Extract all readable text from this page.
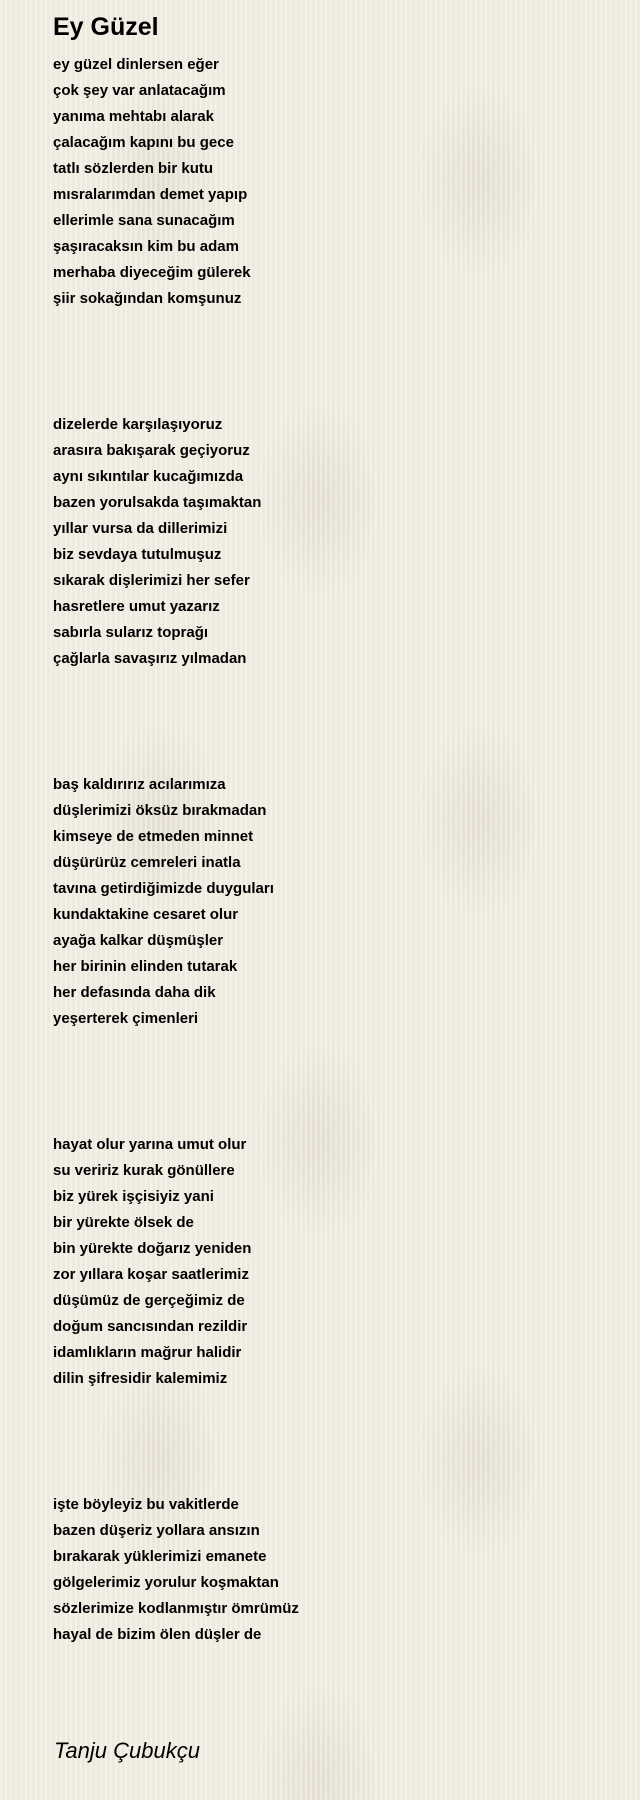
Ey Güzel
ey güzel dinlersen eğer
çok şey var anlatacağım
yanıma mehtabı alarak
çalacağım kapını bu gece
tatlı sözlerden bir kutu
mısralarımdan demet yapıp
ellerimle sana sunacağım
şaşıracaksın kim bu adam
merhaba diyeceğim gülerek
şiir sokağından komşunuz
dizelerde karşılaşıyoruz
arasıra bakışarak geçiyoruz
aynı sıkıntılar kucağımızda
bazen yorulsakda taşımaktan
yıllar vursa da dillerimizi
biz sevdaya tutulmuşuz
sıkarak dişlerimizi her sefer
hasretlere umut yazarız
sabırla sularız toprağı
çağlarla savaşırız yılmadan
baş kaldırırız acılarımıza
düşlerimizi öksüz bırakmadan
kimseye de etmeden minnet
düşürürüz cemreleri inatla
tavına getirdiğimizde duyguları
kundaktakine cesaret olur
ayağa kalkar düşmüşler
her birinin elinden tutarak
her defasında daha dik
yeşerterek çimenleri
hayat olur yarına umut olur
su veririz kurak gönüllere
biz yürek işçisiyiz yani
bir yürekte ölsek de
bin yürekte doğarız yeniden
zor yıllara koşar saatlerimiz
düşümüz de gerçeğimiz de
doğum sancısından rezildir
idamlıkların mağrur halidir
dilin şifresidir kalemimiz
işte böyleyiz bu vakitlerde
bazen düşeriz yollara ansızın
bırakarak yüklerimizi emanete
gölgelerimiz yorulur koşmaktan
sözlerimize kodlanmıştır ömrümüz
hayal de bizim ölen düşler de
Tanju Çubukçu
